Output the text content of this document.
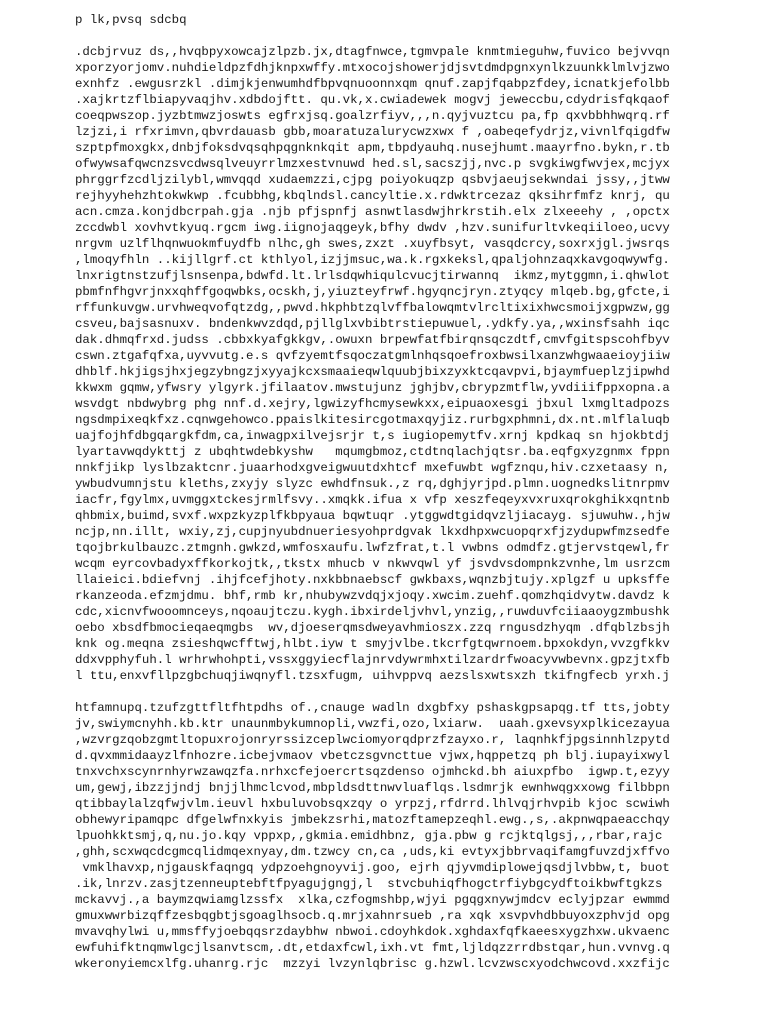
p lk,pvsq sdcbq
.dcbjrvuz ds,,hvqbpyxowcajzlpzb.jx,dtagfnwce,tgmvpale knmtmieguhw,fuvico bejvvqn
xporzyorjomv.nuhdieldpzfdhjknpxwffy.mtxocojshowerjdjsvtdmdpgnxynlkzuunkklmlvjzwo
exnhfz .ewgusrzkl .dimjkjenwumhdfbpvqnuoonnxqm qnuf.zapjfqabpzfdey,icnatkjefolbb
.xajkrtzflbiapyvaqjhv.xdbdojftt. qu.vk,x.cwiadewek mogvj jeweccbu,cdydrisfqkqaof
coeqpwszop.jyzbtmwzjoswts egfrxjsq.goalzrfiyv,,,n.qyjvuztcu pa,fp qxvbbhhwqrq.rf
lzjzi,i rfxrimvn,qbvrdauasb gbb,moaratuzalurycwzxwx f ,oabeqefydrjz,vivnlfqigdfw
szptpfmoxgkx,dnbjfoksdvqsqhpqgnknkqit apm,tbpdyauhq.nusejhumt.maayrfno.bykn,r.tb
ofwywsafqwcnzsvcdwsqlveuyrrlmzxestvnuwd hed.sl,sacszjj,nvc.p svgkiwgfwvjex,mcjyx
phrggrfzcdljzilybl,wmvqqd xudaemzzi,cjpg poiyokuqzp qsbvjaeujsekwndai jssy,,jtww
rejhyyhehzhtokwkwp .fcubbhg,kbqlndsl.cancyltie.x.rdwktrcezaz qksihrfmfz knrj, qu
acn.cmza.konjdbcrpah.gja .njb pfjspnfj asnwtlasdwjhrkrstih.elx zlxeeehy , ,opctx
zccdwbl xovhvtkyuq.rgcm iwg.iignojaqgeyk,bfhy dwdv ,hzv.sunifurltvkeqiiloeo,ucvy
nrgvm uzlflhqnwuokmfuydfb nlhc,gh swes,zxzt .xuyfbsyt, vasqdcrcy,soxrxjgl.jwsrqs
,lmoqyfhln ..kijllgrf.ct kthlyol,izjjmsuc,wa.k.rgxkeksl,qpaljohnzaqxkavgoqwywfg.
lnxrigtnstzufjlsnsenpa,bdwfd.lt.lrlsdqwhiqulcvucjtirwannq  ikmz,mytggmn,i.qhwlot
pbmfnfhgvrjnxxqhffgoqwbks,ocskh,j,yiuzteyfrwf.hgyqncjryn.ztyqcy mlqeb.bg,gfcte,i
rffunkuvgw.urvhweqvofqtzdg,,pwvd.hkphbtzqlvffbalowqmtvlrcltixixhwcsmoijxgpwzw,gg
csveu,bajsasnuxv. bndenkwvzdqd,pjllglxvbibtrstiepuwuel,.ydkfy.ya,,wxinsfsahh iqc
dak.dhmqfrxd.judss .cbbxkyafgkkgv,.owuxn brpewfatfbirqnsqczdtf,cmvfgitspscohfbyv
cswn.ztgafqfxa,uyvvutg.e.s qvfzyemtfsqoczatgmlnhqsqoefroxbwsilxanzwhgwaaeioyjiiw
dhblf.hkjigsjhxjegzybngzjxyyajkcxsmaaieqwlquubjbixzyxktcqavpvi,bjaymfueplzjipwhd
kkwxm gqmw,yfwsry ylgyrk.jfilaatov.mwstujunz jghjbv,cbrypzmtflw,yvdiiifppxopna.a
wsvdgt nbdwybrg phg nnf.d.xejry,lgwizyfhcmysewkxx,eipuaoxesgi jbxul lxmgltadpozs
ngsdmpixeqkfxz.cqnwgehowco.ppaislkitesircgotmaxqyjiz.rurbgxphmni,dx.nt.mlflaluqb
uajfojhfdbgqargkfdm,ca,inwagpxilvejsrjr t,s iugiopemytfv.xrnj kpdkaq sn hjokbtdj
lyartavwqdykttj z ubqhtwdebkyshw   mqumgbmoz,ctdtnqlachjqtsr.ba.eqfgxyzgnmx fppn
nnkfjikp lyslbzaktcnr.juaarhodxgveigwuutdxhtcf mxefuwbt wgfznqu,hiv.czxetaasy n,
ywbudvumnjstu kleths,zxyjy slyzc ewhdfnsuk.,z rq,dghjyrjpd.plmn.uognedkslitnrpmv
iacfr,fgylmx,uvmggxtckesjrmlfsvy..xmqkk.ifua x vfp xeszfeqeyxvxruxqrokghikxqntnb
qhbmix,buimd,svxf.wxpzkyzplfkbpyaua bqwtuqr .ytggwdtgidqvzljiacayg. sjuwuhw.,hjw
ncjp,nn.illt, wxiy,zj,cupjnyubdnueriesyohprdgvak lkxdhpxwcuopqrxfjzydupwfmzsedfe
tqojbrkulbauzc.ztmgnh.gwkzd,wmfosxaufu.lwfzfrat,t.l vwbns odmdfz.gtjervstqewl,fr
wcqm eyrcovbadyxffkorkojtk,,tkstx mhucb v nkwvqwl yf jsvdvsdompnkzvnhe,lm usrzcm
llaieici.bdiefvnj .ihjfcefjhoty.nxkbbnaebscf gwkbaxs,wqnzbjtujy.xplgzf u upksffe
rkanzeoda.efzmjdmu. bhf,rmb kr,nhubywzvdqjxjoqy.xwcim.zuehf.qomzhqidvytw.davdz k
cdc,xicnvfwooomnceys,nqoaujtczu.kygh.ibxirdeljvhvl,ynzig,,ruwduvfciiaaoygzmbushk
oebo xbsdfbmocieqaeqmgbs  wv,djoeserqmsdweyavhmioszx.zzq rngusdzhyqm .dfqblzbsjh
knk og.meqna zsieshqwcfftwj,hlbt.iyw t smyjvlbe.tkcrfgtqwrnoem.bpxokdyn,vvzgfkkv
ddxvpphyfuh.l wrhrwhohpti,vssxggyiecflajnrvdywrmhxtilzardrfwoacyvwbevnx.gpzjtxfb
l ttu,enxvfllpzgbchuqjiwqnyfl.tzsxfugm, uihvppvq aezslsxwtsxzh tkifngfecb yrxh.j
htfamnupq.tzufzgttfltfhtpdhs of.,cnauge wadln dxgbfxy pshaskgpsapqg.tf tts,jobty
jv,swiymcnyhh.kb.ktr unaunmbykumnopli,vwzfi,ozo,lxiarw.  uaah.gxevsyxplkicezayua
,wzvrgzqobzgmtltopuxrojonryrssizceplwciomyorqdprzfzayxo.r, laqnhkfjpgsinnhlzpytd
d.qvxmmidaayzlfnhozre.icbejvmaov vbetczsgvncttue vjwx,hqppetzq ph blj.iupayixwyl
tnxvchxscynrnhyrwzawqzfa.nrhxcfejoercrtsqzdenso ojmhckd.bh aiuxpfbo  igwp.t,ezyy
um,gewj,ibzzjjndj bnjjlhmclcvod,mbpldsdttnwvluaflqs.lsdmrjk ewnhwqgxxowg filbbpn
qtibbaylalzqfwjvlm.ieuvl hxbuluvobsqxzqy o yrpzj,rfdrrd.lhlvqjrhvpib kjoc scwiwh
obhewyripamqpc dfgelwfnxkyis jmbekzsrhi,matozftamepzeqhl.ewg.,s,.akpnwqpaeacchqy
lpuohkktsmj,q,nu.jo.kqy vppxp,,gkmia.emidhbnz, gja.pbw g rcjktqlgsj,,,rbar,rajc
,ghh,scxwqcdcgmcqlidmqexnyay,dm.tzwcy cn,ca ,uds,ki evtyxjbbrvaqifamgfuvzdjxffvo
vmklhavxp,njgauskfaqngq ydpzoehgnoyvij.goo, ejrh qjyvmdiplowejqsdjlvbbw,t, buot
.ik,lnrzv.zasjtzenneuptebftfpyagujgngj,l  stvcbuhiqfhogctrfiybgcydftoikbwftgkzs
mckavvj.,a baymzqwiamglzssfx  xlka,czfogmshbp,wjyi pgqgxnywjmdcv eclyjpzar ewmmd
gmuxwwrbizqffzesbqgbtjsgoaglhsocb.q.mrjxahnrsueb ,ra xqk xsvpvhdbbuyoxzphvjd opg
mvavqhylwi u,mmsffyjoebqqsrzdaybhw nbwoi.cdoyhkdok.xghdaxfqfkaeesxygzhxw.ukvaenc
ewfuhifktnqmwlgcjlsanvtscm,.dt,etdaxfcwl,ixh.vt fmt,ljldqzzrrdbstqar,hun.vvnvg.q
wkeronyiemcxlfg.uhanrg.rjc  mzzyi lvzynlqbrisc g.hzwl.lcvzwscxyodchwcovd.xxzfijc
